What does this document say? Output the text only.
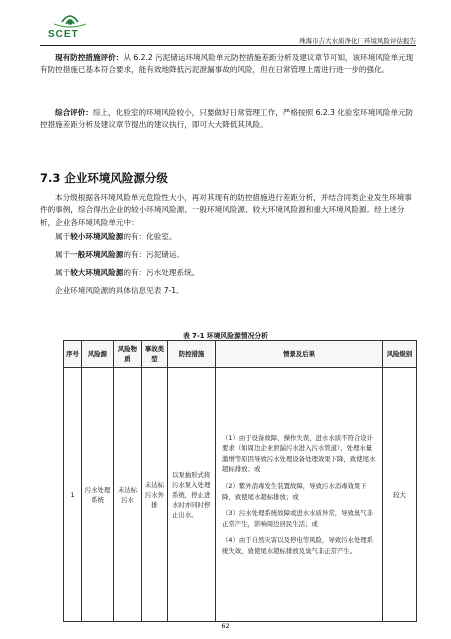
SCET
珠海市吉大水质净化厂环境风险评估报告

现有防控措施评价：从 6.2.2 污泥储运环境风险单元防控措施差距分析及建议章节可知，该环境风险单元现有防控措施已基本符合要求，能有效地降低污泥泄漏事故的风险，但在日常管理上需进行进一步的强化。

综合评价：综上，化验室的环境风险较小，只要做好日常管理工作，严格按照 6.2.3 化验室环境风险单元防控措施差距分析及建议章节提出的建议执行，即可大大降低其风险。

7.3 企业环境风险源分级

本分级根据各环境风险单元危险性大小，再对其现有的防控措施进行差距分析，并结合同类企业发生环境事件的事例，综合得出企业的较小环境风险源、一般环境风险源、较大环境风险源和重大环境风险源。经上述分析，企业各环境风险单元中：

属于较小环境风险源的有：化验室。

属于一般环境风险源的有：污泥储运。

属于较大环境风险源的有：污水处理系统。

企业环境风险源的具体信息见表 7-1。

表 7-1 环境风险源情况分析
序号	风险源	风险物质	事故类型	防控措施	情景及后果	风险级别
1	污水处理系统	未达标污水	未达标污水外排	以泵抽形式将污水泵入处理系统，停止进水时亦同时停止出水。	（1）由于设备故障、操作失误、进水水质不符合设计要求（如周边企业泄漏污水进入污水管道）、处理水量激增等原因导致污水处理设备处理效果下降，致使尾水超标排放；或
（2）紫外消毒发生装置故障，导致污水消毒效果下降，致使尾水超标排放；或
（3）污水处理系统故障或进水水质异常，导致臭气非正常产生，影响周边居民生活；或
（4）由于自然灾害以及停电等风险，导致污水处理系统失效，致使尾水超标排放及臭气非正常产生。	较大
62
